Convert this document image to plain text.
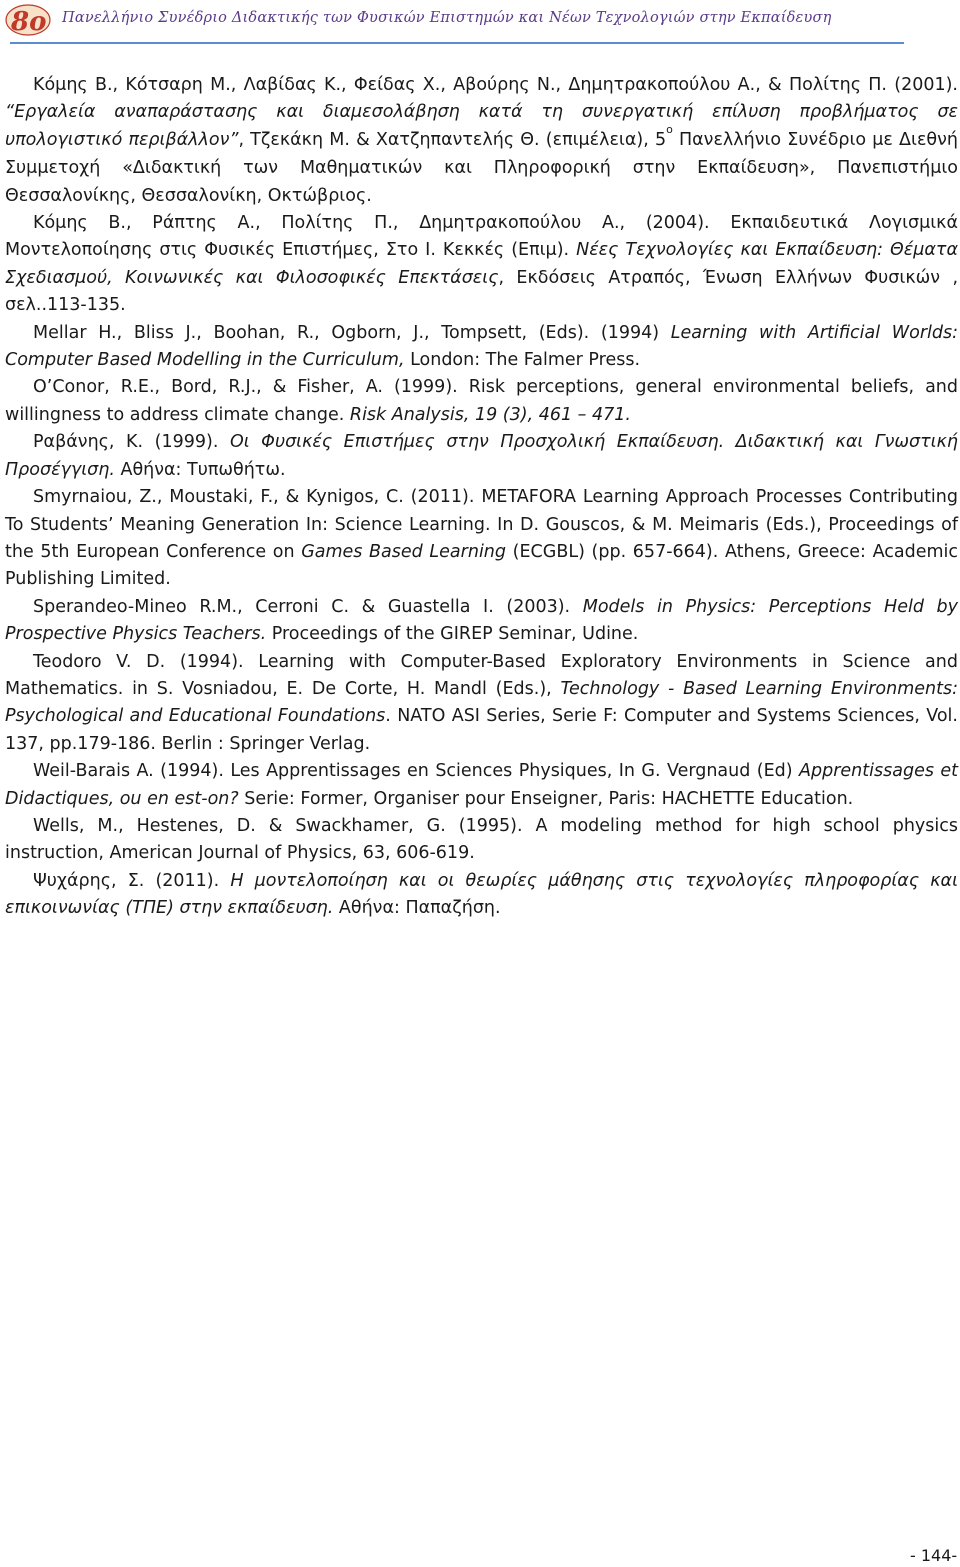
8ο Πανελλήνιο Συνέδριο Διδακτικής των Φυσικών Επιστημών και Νέων Τεχνολογιών στην Εκπαίδευση

Κόμης Β., Κότσαρη Μ., Λαβίδας Κ., Φείδας Χ., Αβούρης Ν., Δημητρακοπούλου Α., & Πολίτης Π. (2001). “Εργαλεία αναπαράστασης και διαμεσολάβηση κατά τη συνεργατική επίλυση προβλήματος σε υπολογιστικό περιβάλλον”, Τζεκάκη Μ. & Χατζηπαντελής Θ. (επιμέλεια), $5^o$ Πανελλήνιο Συνέδριο με Διεθνή Συμμετοχή «Διδακτική των Μαθηματικών και Πληροφορική στην Εκπαίδευση», Πανεπιστήμιο Θεσσαλονίκης, Θεσσαλονίκη, Οκτώβριος.

Κόμης Β., Ράπτης Α., Πολίτης Π., Δημητρακοπούλου Α., (2004). Εκπαιδευτικά Λογισμικά Μοντελοποίησης στις Φυσικές Επιστήμες, Στο Ι. Κεκκές (Επιμ). Νέες Τεχνολογίες και Εκπαίδευση: Θέματα Σχεδιασμού, Κοινωνικές και Φιλοσοφικές Επεκτάσεις, Εκδόσεις Ατραπός, Ένωση Ελλήνων Φυσικών , σελ..113-135.

Mellar H., Bliss J., Boohan, R., Ogborn, J., Tompsett, (Eds). (1994) Learning with Artificial Worlds: Computer Based Modelling in the Curriculum, London: The Falmer Press.

O’Conor, R.E., Bord, R.J., & Fisher, A. (1999). Risk perceptions, general environmental beliefs, and willingness to address climate change. Risk Analysis, 19 (3), 461 – 471.

Ραβάνης, Κ. (1999). Οι Φυσικές Επιστήμες στην Προσχολική Εκπαίδευση. Διδακτική και Γνωστική Προσέγγιση. Αθήνα: Τυπωθήτω.

Smyrnaiou, Z., Moustaki, F., & Kynigos, C. (2011). METAFORA Learning Approach Processes Contributing To Students’ Meaning Generation In: Science Learning. In D. Gouscos, & M. Meimaris (Eds.), Proceedings of the 5th European Conference on Games Based Learning (ECGBL) (pp. 657-664). Athens, Greece: Academic Publishing Limited.

Sperandeo-Mineo R.M., Cerroni C. & Guastella I. (2003). Models in Physics: Perceptions Held by Prospective Physics Teachers. Proceedings of the GIREP Seminar, Udine.

Teodoro V. D. (1994). Learning with Computer-Based Exploratory Environments in Science and Mathematics. in S. Vosniadou, E. De Corte, H. Mandl (Eds.), Technology - Based Learning Environments: Psychological and Educational Foundations. NATO ASI Series, Serie F: Computer and Systems Sciences, Vol. 137, pp.179-186. Berlin : Springer Verlag.

Weil-Barais A. (1994). Les Apprentissages en Sciences Physiques, In G. Vergnaud (Ed) Apprentissages et Didactiques, ou en est-on? Serie: Former, Organiser pour Enseigner, Paris: HACHETTE Education.

Wells, M., Hestenes, D. & Swackhamer, G. (1995). A modeling method for high school physics instruction, American Journal of Physics, 63, 606-619.

Ψυχάρης, Σ. (2011). Η μοντελοποίηση και οι θεωρίες μάθησης στις τεχνολογίες πληροφορίας και επικοινωνίας (ΤΠΕ) στην εκπαίδευση. Αθήνα: Παπαζήση.

- 144-
